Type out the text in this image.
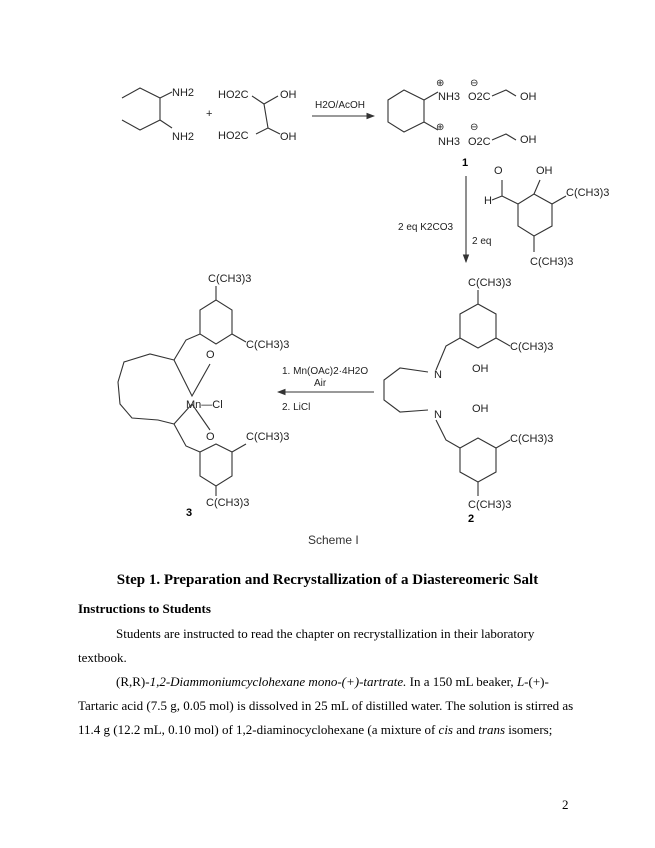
NH2
NH2
+
HO2C
HO2C
OH
OH
H2O/AcOH
⊕
NH3
⊕
NH3
⊖
O2C
⊖
O2C
OH
OH
1
O	OH
H
C(CH3)3
C(CH3)3
2 eq K2CO3
2 eq
C(CH3)3
C(CH3)3
OH
N
N	OH
C(CH3)3
C(CH3)3
2
1. Mn(OAc)2·4H2O
Air
2. LiCl
C(CH3)3
C(CH3)3
O
Mn—Cl
O	C(CH3)3
C(CH3)3
3
Scheme I
Step 1. Preparation and Recrystallization of a Diastereomeric Salt
Instructions to Students
Students are instructed to read the chapter on recrystallization in their laboratory textbook.
(R,R)-1,2-Diammoniumcyclohexane mono-(+)-tartrate. In a 150 mL beaker, L-(+)-Tartaric acid (7.5 g, 0.05 mol) is dissolved in 25 mL of distilled water. The solution is stirred as 11.4 g (12.2 mL, 0.10 mol) of 1,2-diaminocyclohexane (a mixture of cis and trans isomers;
2
